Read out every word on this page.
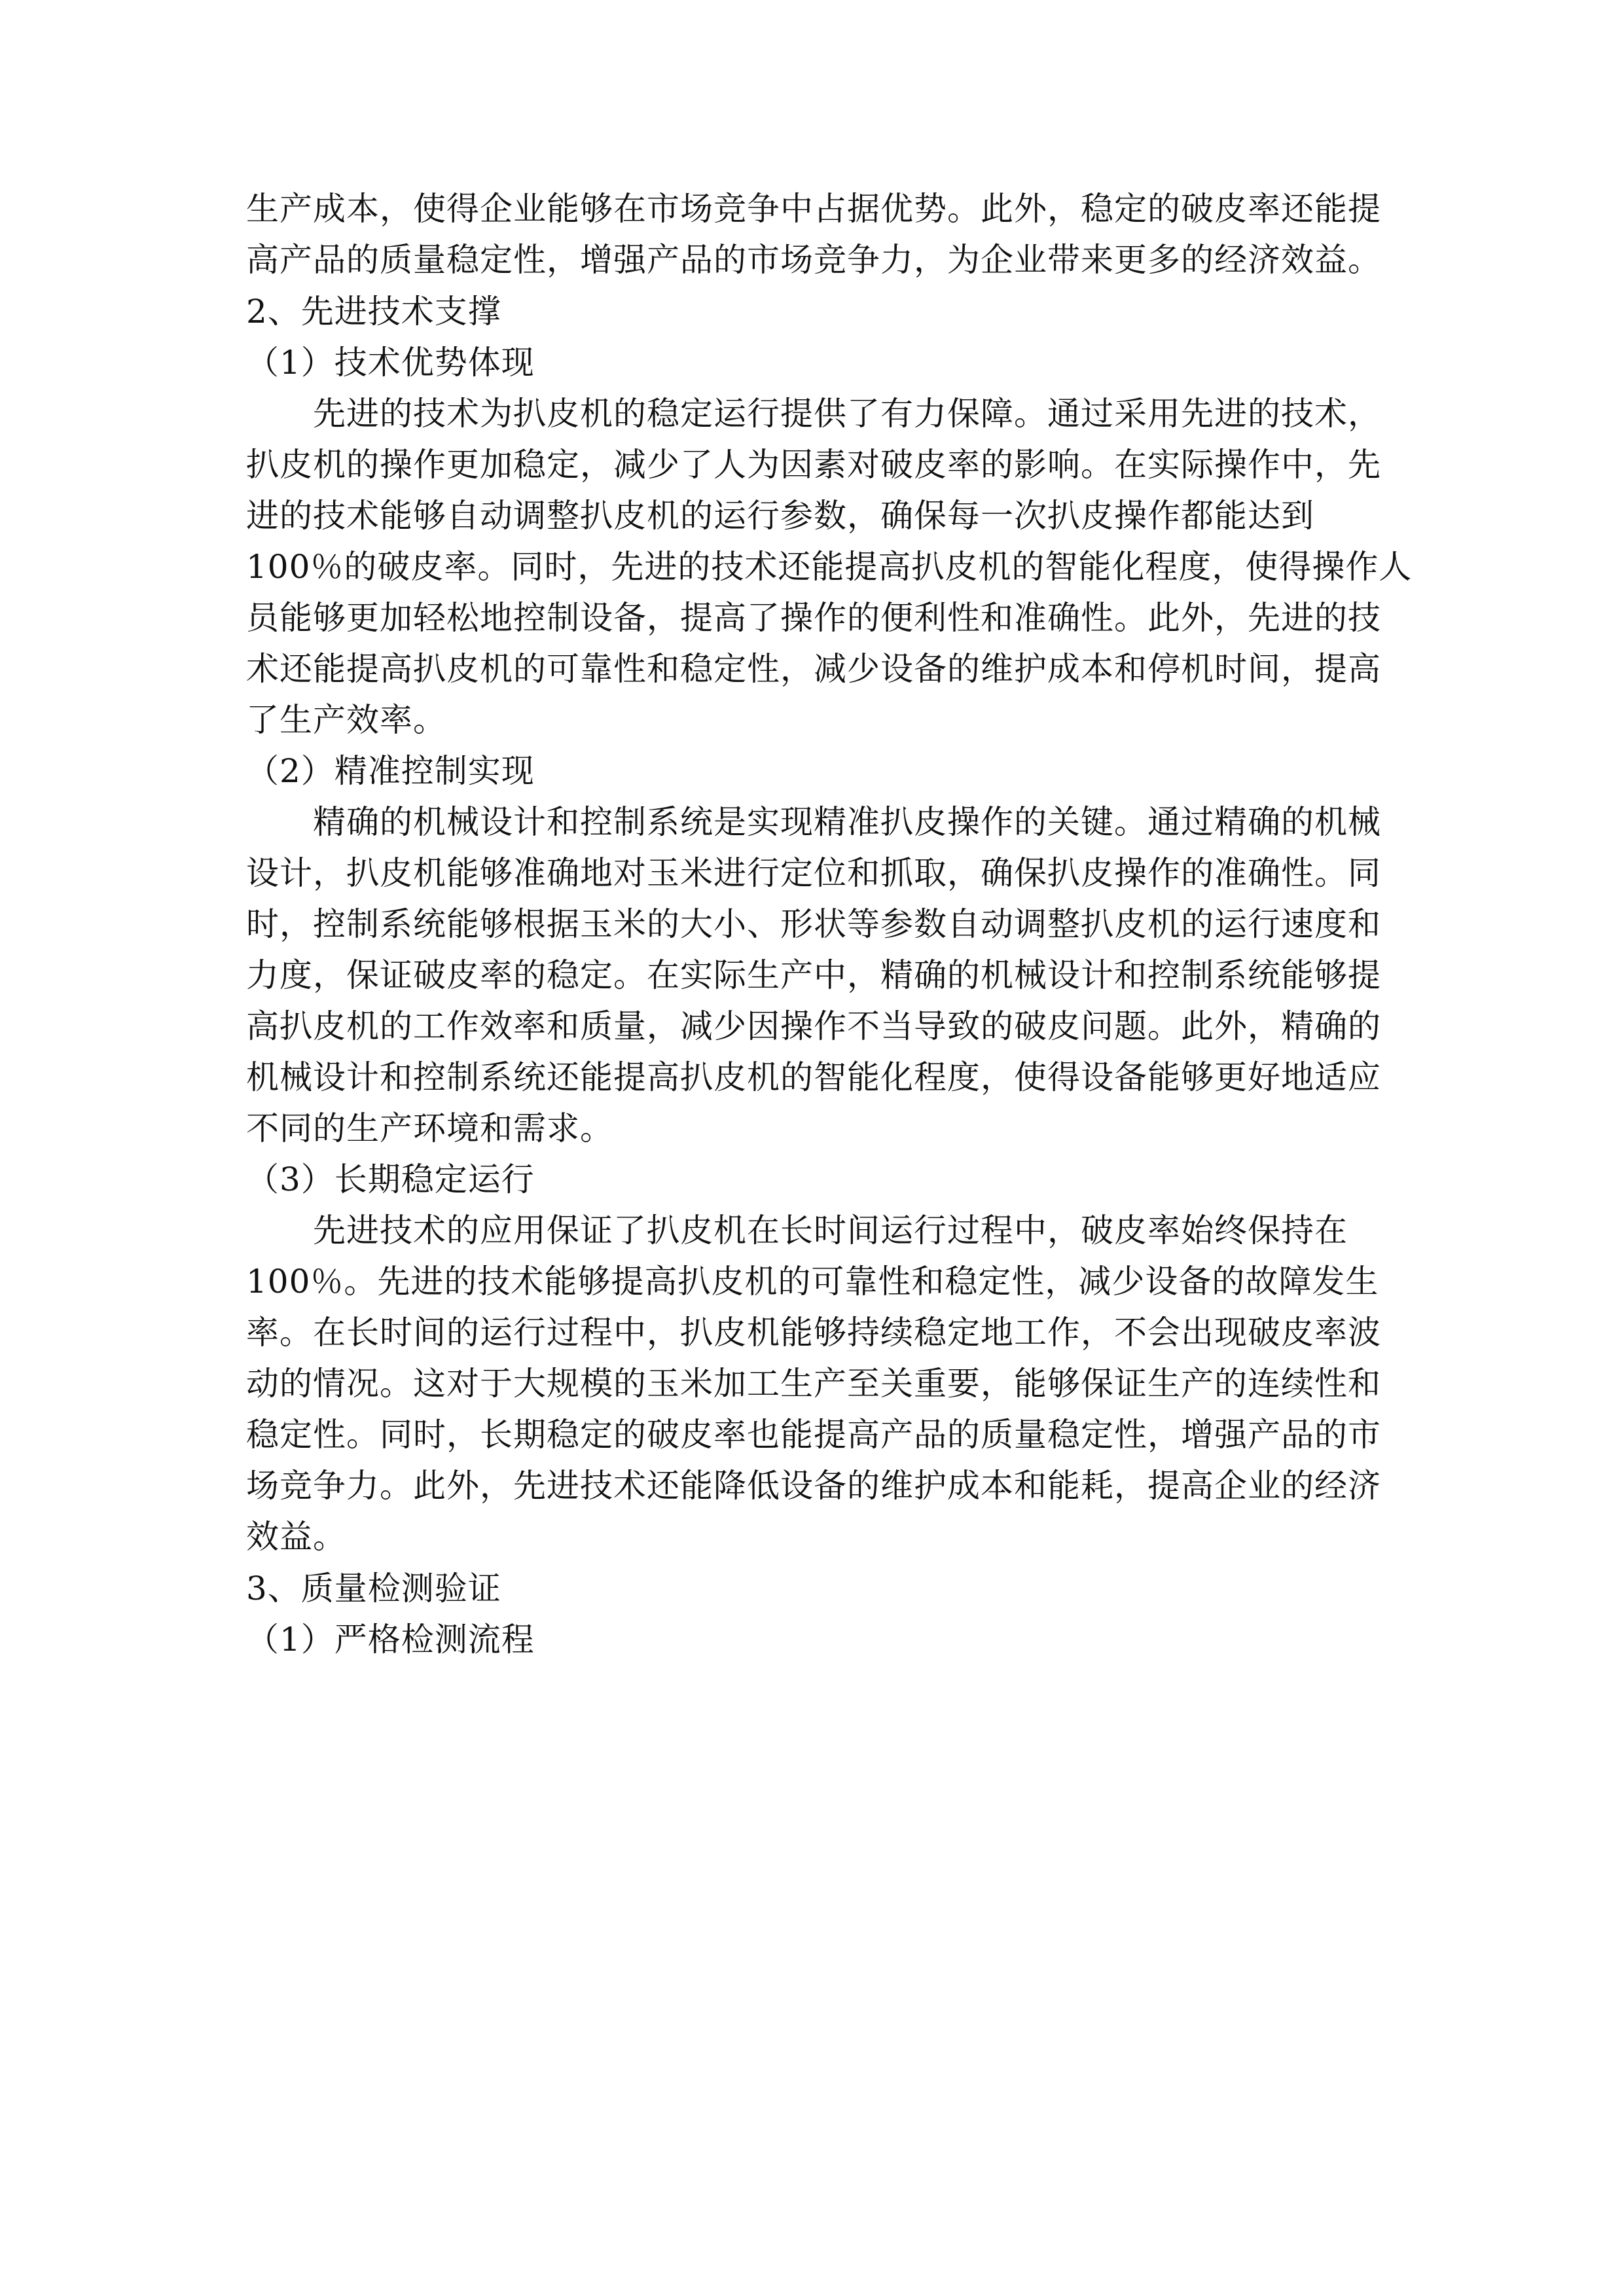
生产成本，使得企业能够在市场竞争中占据优势。此外，稳定的破皮率还能提
高产品的质量稳定性，增强产品的市场竞争力，为企业带来更多的经济效益。
2、先进技术支撑
（1）技术优势体现
　　先进的技术为扒皮机的稳定运行提供了有力保障。通过采用先进的技术，
扒皮机的操作更加稳定，减少了人为因素对破皮率的影响。在实际操作中，先
进的技术能够自动调整扒皮机的运行参数，确保每一次扒皮操作都能达到
100％的破皮率。同时，先进的技术还能提高扒皮机的智能化程度，使得操作人
员能够更加轻松地控制设备，提高了操作的便利性和准确性。此外，先进的技
术还能提高扒皮机的可靠性和稳定性，减少设备的维护成本和停机时间，提高
了生产效率。
（2）精准控制实现
　　精确的机械设计和控制系统是实现精准扒皮操作的关键。通过精确的机械
设计，扒皮机能够准确地对玉米进行定位和抓取，确保扒皮操作的准确性。同
时，控制系统能够根据玉米的大小、形状等参数自动调整扒皮机的运行速度和
力度，保证破皮率的稳定。在实际生产中，精确的机械设计和控制系统能够提
高扒皮机的工作效率和质量，减少因操作不当导致的破皮问题。此外，精确的
机械设计和控制系统还能提高扒皮机的智能化程度，使得设备能够更好地适应
不同的生产环境和需求。
（3）长期稳定运行
　　先进技术的应用保证了扒皮机在长时间运行过程中，破皮率始终保持在
100％。先进的技术能够提高扒皮机的可靠性和稳定性，减少设备的故障发生
率。在长时间的运行过程中，扒皮机能够持续稳定地工作，不会出现破皮率波
动的情况。这对于大规模的玉米加工生产至关重要，能够保证生产的连续性和
稳定性。同时，长期稳定的破皮率也能提高产品的质量稳定性，增强产品的市
场竞争力。此外，先进技术还能降低设备的维护成本和能耗，提高企业的经济
效益。
3、质量检测验证
（1）严格检测流程
